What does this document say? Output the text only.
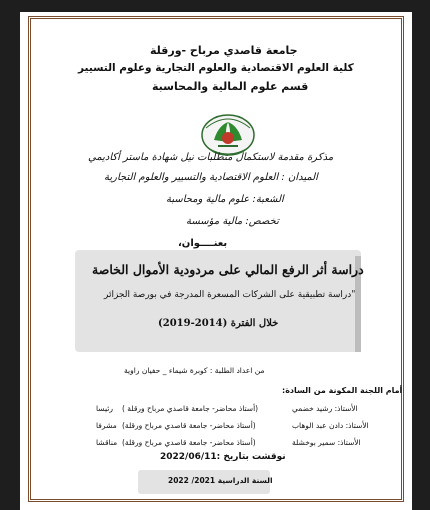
جامعة قاصدي مرباح -ورقلة
كلية العلوم الاقتصادية والعلوم التجارية وعلوم التسيير
قسم علوم المالية والمحاسبة
مذكرة مقدمة لاستكمال متطلبات نيل شهادة ماستر أكاديمي
الميدان : العلوم الاقتصادية والتسيير والعلوم التجارية
الشعبة: علوم مالية ومحاسبة
تخصص: مالية مؤسسة
بعنــــوان،
دراسة أثر الرفع المالي على مردودية الأموال الخاصة
"دراسة تطبيقية على الشركات المسعرة المدرجة في بورصة الجزائر
خلال الفترة (2014-2019)
من اعداد الطلبة : كوبرة شيماء _ حفيان راوية
أمام اللجنة المكونة من السادة:
الأستاذ: رشيد خضمي
(أستاذ محاضر- جامعة قاصدي مرباح ورقلة )
رئيسا
الأستاذ: دادن عبد الوهاب
(أستاذ محاضر- جامعة قاصدي مرباح ورقلة)
مشرفا
الأستاذ: سمير بوخشلة
(أستاذ محاضر- جامعة قاصدي مرباح ورقلة)
مناقشا
نوقشت بتاريخ :2022/06/11
السنة الدراسية 2021/ 2022
